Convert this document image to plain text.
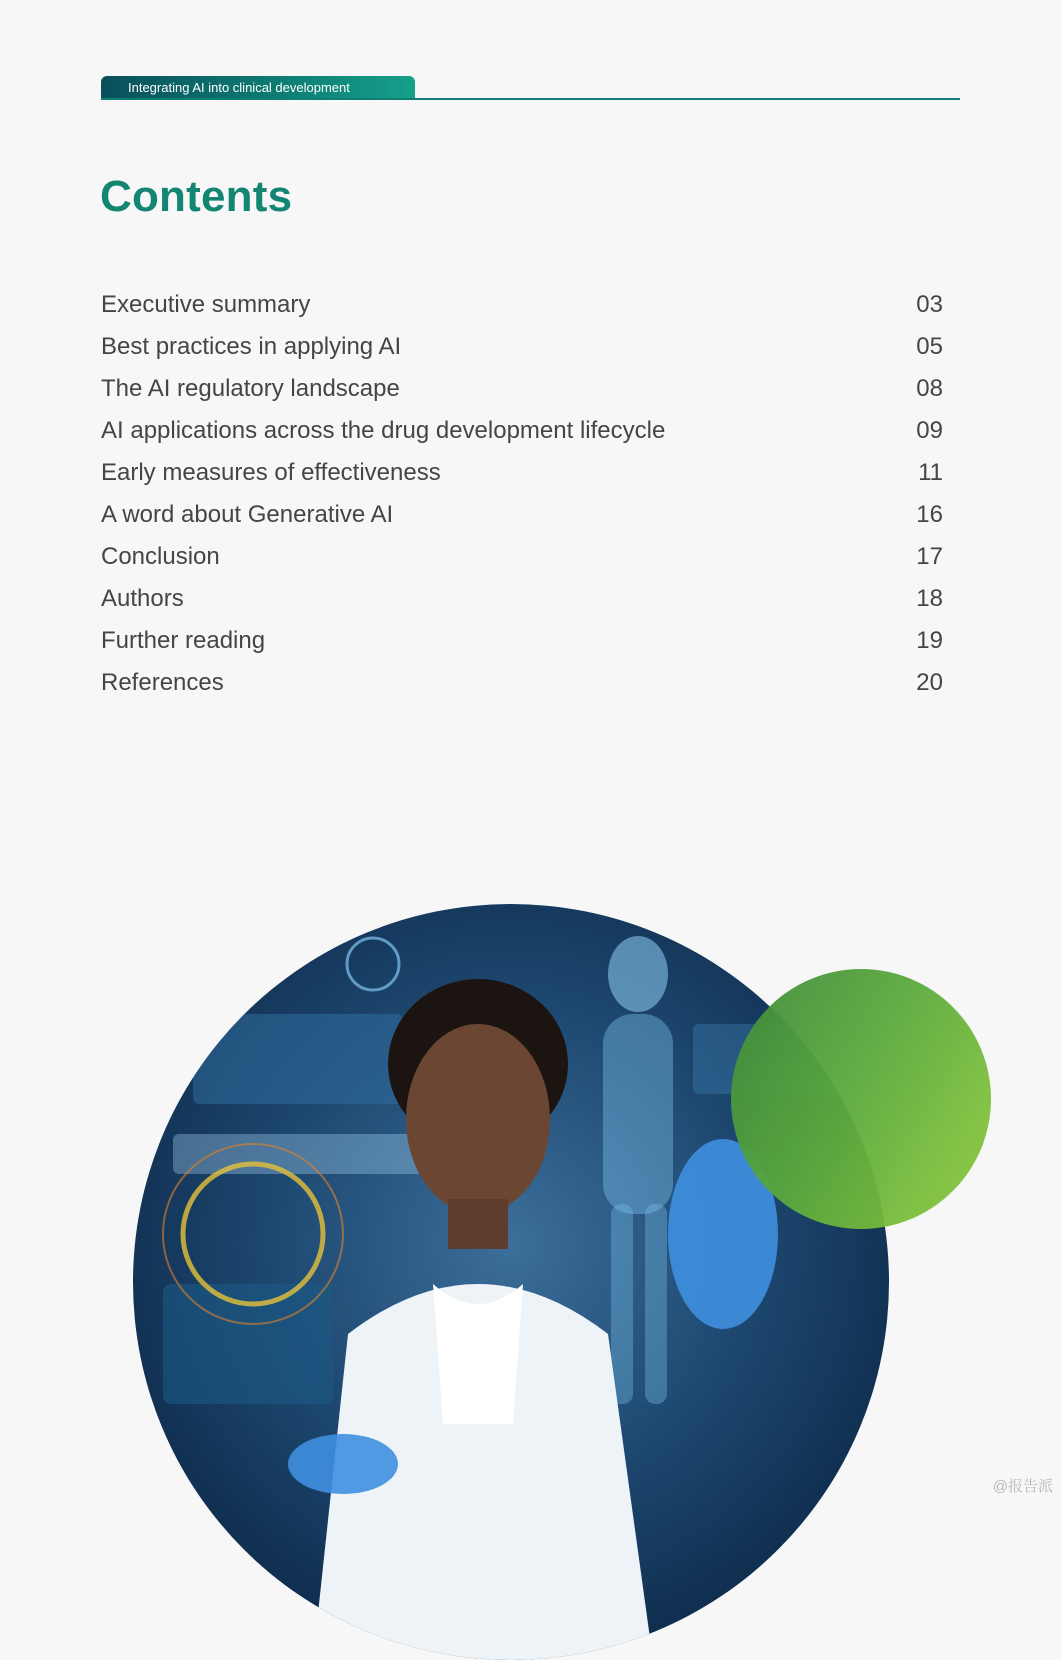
Integrating AI into clinical development
Contents
Executive summary	03
Best practices in applying AI	05
The AI regulatory landscape	08
AI applications across the drug development lifecycle	09
Early measures of effectiveness	11
A word about Generative AI	16
Conclusion	17
Authors	18
Further reading	19
References	20
@报告派
